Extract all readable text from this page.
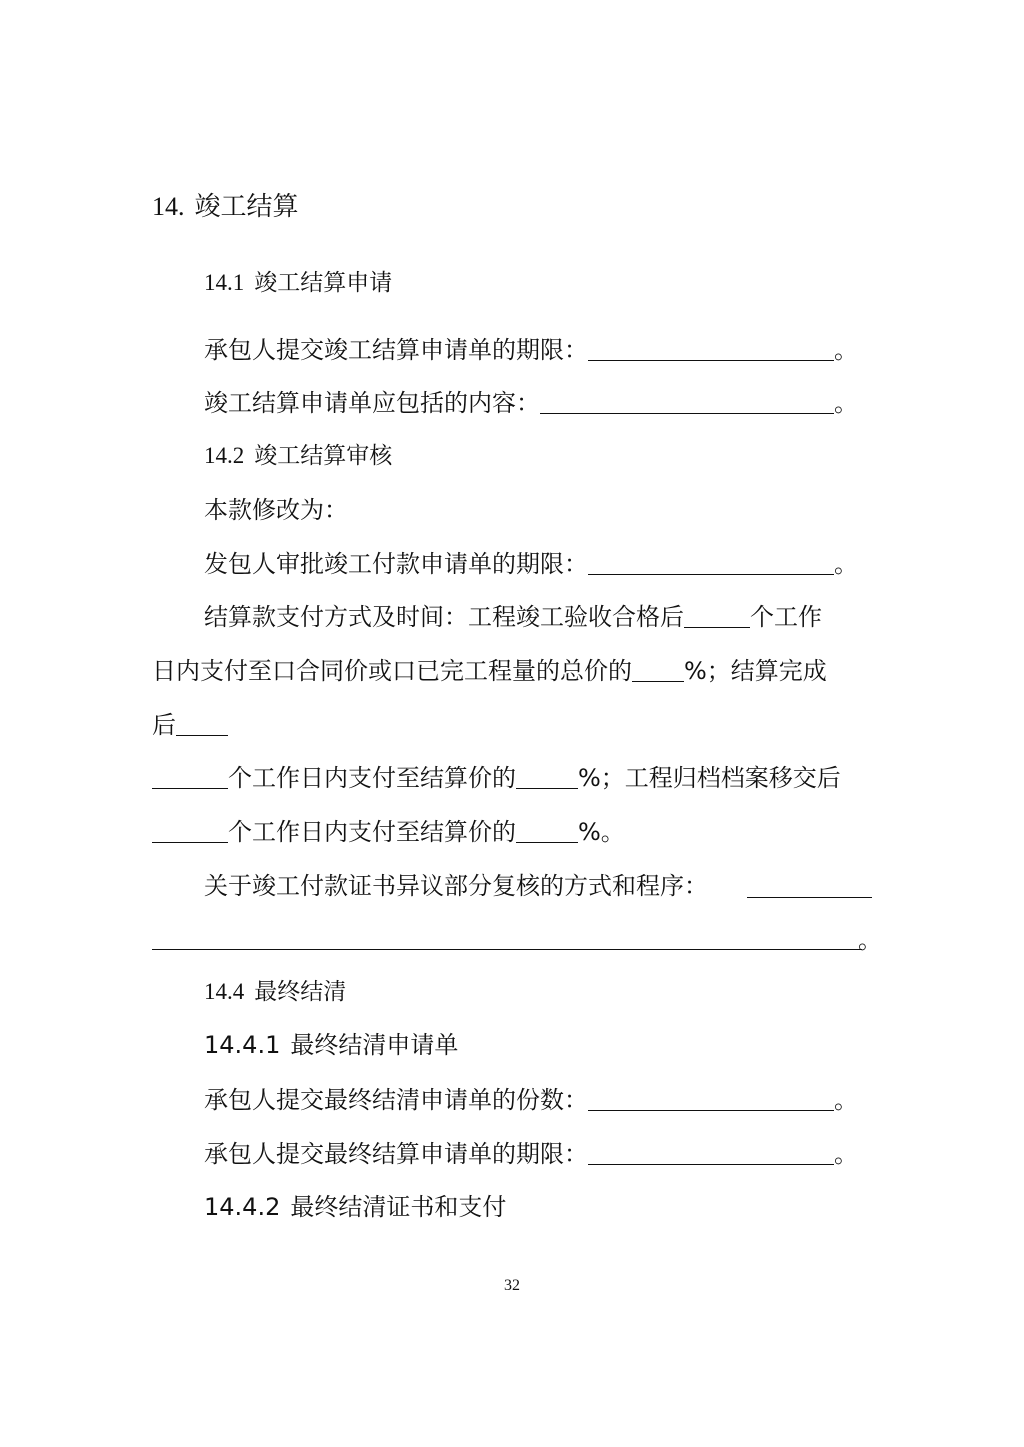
14. 竣工结算
14.1 竣工结算申请
承包人提交竣工结算申请单的期限：	。
竣工结算申请单应包括的内容：	。
14.2 竣工结算审核
本款修改为：
发包人审批竣工付款申请单的期限：	。
结算款支付方式及时间：工程竣工验收合格后	个工作
日内支付至口合同价或口已完工程量的总价的 %；结算完成
后
个工作日内支付至结算价的	%；工程归档档案移交后
个工作日内支付至结算价的	%。
关于竣工付款证书异议部分复核的方式和程序：
。
14.4 最终结清
14.4.1 最终结清申请单
承包人提交最终结清申请单的份数：	。
承包人提交最终结算申请单的期限：	。
14.4.2 最终结清证书和支付
32
